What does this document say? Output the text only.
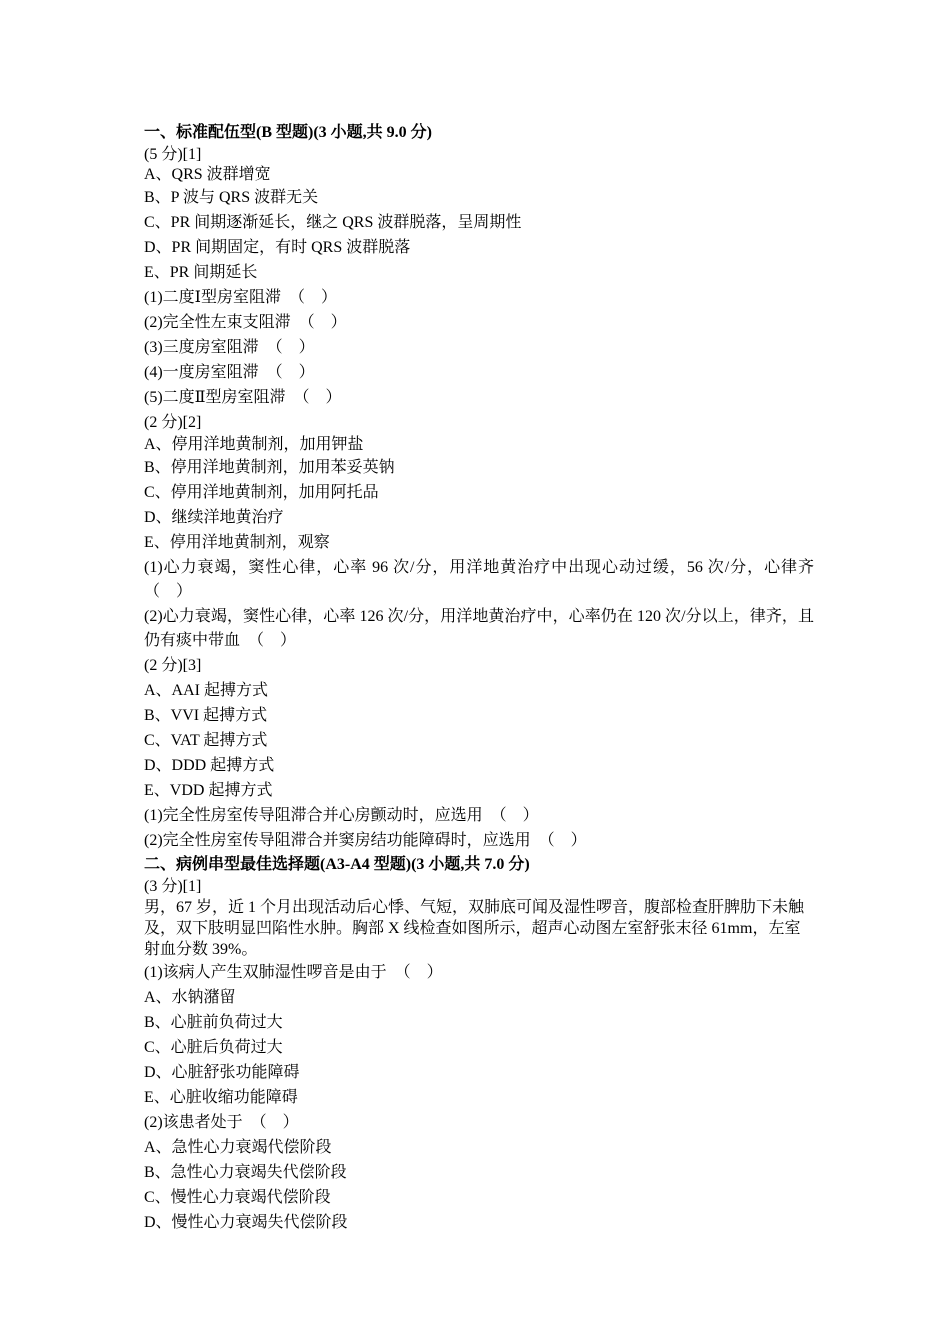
一、标准配伍型(B 型题)(3 小题,共 9.0 分)
(5 分)[1]
A、QRS 波群增宽
B、P 波与 QRS 波群无关
C、PR 间期逐渐延长，继之 QRS 波群脱落，呈周期性
D、PR 间期固定，有时 QRS 波群脱落
E、PR 间期延长
(1)二度Ⅰ型房室阻滞　（　）
(2)完全性左束支阻滞　（　）
(3)三度房室阻滞　（　）
(4)一度房室阻滞　（　）
(5)二度Ⅱ型房室阻滞　（　）
(2 分)[2]
A、停用洋地黄制剂，加用钾盐
B、停用洋地黄制剂，加用苯妥英钠
C、停用洋地黄制剂，加用阿托品
D、继续洋地黄治疗
E、停用洋地黄制剂，观察
(1)心力衰竭，窦性心律，心率 96 次/分，用洋地黄治疗中出现心动过缓，56 次/分，心律齐　（　）
(2)心力衰竭，窦性心律，心率 126 次/分，用洋地黄治疗中，心率仍在 120 次/分以上，律齐，且仍有痰中带血　（　）
(2 分)[3]
A、AAI 起搏方式
B、VVI 起搏方式
C、VAT 起搏方式
D、DDD 起搏方式
E、VDD 起搏方式
(1)完全性房室传导阻滞合并心房颤动时，应选用　（　）
(2)完全性房室传导阻滞合并窦房结功能障碍时，应选用　（　）
二、病例串型最佳选择题(A3-A4 型题)(3 小题,共 7.0 分)
(3 分)[1]
男，67 岁，近 1 个月出现活动后心悸、气短，双肺底可闻及湿性啰音，腹部检查肝脾肋下未触及，双下肢明显凹陷性水肿。胸部 X 线检查如图所示，超声心动图左室舒张末径 61mm，左室射血分数 39%。
(1)该病人产生双肺湿性啰音是由于　（　）
A、水钠潴留
B、心脏前负荷过大
C、心脏后负荷过大
D、心脏舒张功能障碍
E、心脏收缩功能障碍
(2)该患者处于　（　）
A、急性心力衰竭代偿阶段
B、急性心力衰竭失代偿阶段
C、慢性心力衰竭代偿阶段
D、慢性心力衰竭失代偿阶段
